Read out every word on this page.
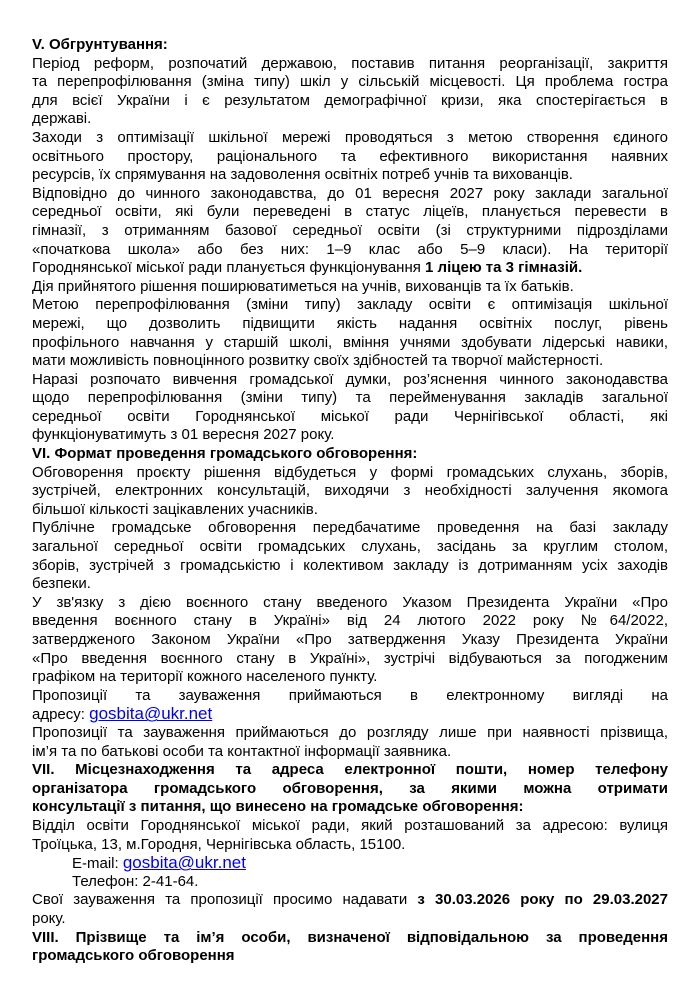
V. Обгрунтування:
Період реформ, розпочатий державою, поставив питання реорганізації, закриття
та перепрофілювання (зміна типу) шкіл у сільській місцевості. Ця проблема гостра
для всієї України і є результатом демографічної кризи, яка спостерігається в
державі.
Заходи з оптимізації шкільної мережі проводяться з метою створення єдиного
освітнього простору, раціонального та ефективного використання наявних
ресурсів, їх спрямування на задоволення освітніх потреб учнів та вихованців.
Відповідно до чинного законодавства, до 01 вересня 2027 року заклади загальної
середньої освіти, які були переведені в статус ліцеїв, планується перевести в
гімназії, з отриманням базової середньої освіти (зі структурними підрозділами
«початкова школа» або без них: 1–9 клас або 5–9 класи). На території
Городнянської міської ради планується функціонування 1 ліцею та 3 гімназій.
Дія прийнятого рішення поширюватиметься на учнів, вихованців та їх батьків.
Метою перепрофілювання (зміни типу) закладу освіти є оптимізація шкільної
мережі, що дозволить підвищити якість надання освітніх послуг, рівень
профільного навчання у старшій школі, вміння учнями здобувати лідерські навики,
мати можливість повноцінного розвитку своїх здібностей та творчої майстерності.
Наразі розпочато вивчення громадської думки, роз’яснення чинного законодавства
щодо перепрофілювання (зміни типу) та перейменування закладів загальної
середньої освіти Городнянської міської ради Чернігівської області, які
функціонуватимуть з 01 вересня 2027 року.
VI. Формат проведення громадського обговорення:
Обговорення проєкту рішення відбудеться у формі громадських слухань, зборів,
зустрічей, електронних консультацій, виходячи з необхідності залучення якомога
більшої кількості зацікавлених учасників.
Публічне громадське обговорення передбачатиме проведення на базі закладу
загальної середньої освіти громадських слухань, засідань за круглим столом,
зборів, зустрічей з громадськістю і колективом закладу із дотриманням усіх заходів
безпеки.
У зв'язку з дією воєнного стану введеного Указом Президента України «Про
введення воєнного стану в Україні» від 24 лютого 2022 року №64/2022,
затвердженого Законом України «Про затвердження Указу Президента України
«Про введення воєнного стану в Україні», зустрічі відбуваються за погодженим
графіком на території кожного населеного пункту.
Пропозиції та зауваження приймаються в електронному вигляді на
адресу: gosbita@ukr.net
Пропозиції та зауваження приймаються до розгляду лише при наявності прізвища,
ім’я та по батькові особи та контактної інформації заявника.
VII. Місцезнаходження та адреса електронної пошти, номер телефону
організатора громадського обговорення, за якими можна отримати
консультації з питання, що винесено на громадське обговорення:
Відділ освіти Городнянської міської ради, який розташований за адресою: вулиця
Троїцька, 13, м.Городня, Чернігівська область, 15100.
E-mail: gosbita@ukr.net
Телефон: 2-41-64.
Свої зауваження та пропозиції просимо надавати з 30.03.2026 року по 29.03.2027
року.
VIII. Прізвище та ім’я особи, визначеної відповідальною за проведення
громадського обговорення
